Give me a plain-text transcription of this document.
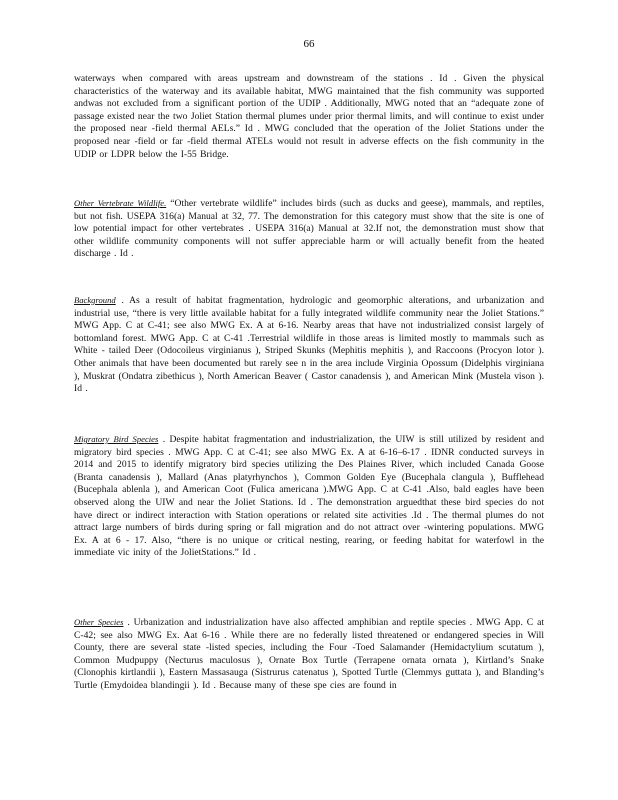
66
waterways when compared with areas upstream and downstream of the stations . Id . Given the physical characteristics of the waterway and its available habitat, MWG maintained that the fish community was supported andwas not excluded from a significant portion of the UDIP . Additionally, MWG noted that an “adequate zone of passage existed near the two Joliet Station thermal plumes under prior thermal limits, and will continue to exist under the proposed near -field thermal AELs.” Id . MWG concluded that the operation of the Joliet Stations under the proposed near -field or far -field thermal ATELs would not result in adverse effects on the fish community in the UDIP or LDPR below the I-55 Bridge.
Other Vertebrate Wildlife. “Other vertebrate wildlife” includes birds (such as ducks and geese), mammals, and reptiles, but not fish. USEPA 316(a) Manual at 32, 77. The demonstration for this category must show that the site is one of low potential impact for other vertebrates . USEPA 316(a) Manual at 32.If not, the demonstration must show that other wildlife community components will not suffer appreciable harm or will actually benefit from the heated discharge . Id .
Background . As a result of habitat fragmentation, hydrologic and geomorphic alterations, and urbanization and industrial use, “there is very little available habitat for a fully integrated wildlife community near the Joliet Stations.” MWG App. C at C-41; see also MWG Ex. A at 6-16. Nearby areas that have not industrialized consist largely of bottomland forest. MWG App. C at C-41 .Terrestrial wildlife in those areas is limited mostly to mammals such as White - tailed Deer (Odocoileus virginianus ), Striped Skunks (Mephitis mephitis ), and Raccoons (Procyon lotor ). Other animals that have been documented but rarely see n in the area include Virginia Opossum (Didelphis virginiana ), Muskrat (Ondatra zibethicus ), North American Beaver ( Castor canadensis ), and American Mink (Mustela vison ). Id .
Migratory Bird Species . Despite habitat fragmentation and industrialization, the UIW is still utilized by resident and migratory bird species . MWG App. C at C-41; see also MWG Ex. A at 6-16–6-17 . IDNR conducted surveys in 2014 and 2015 to identify migratory bird species utilizing the Des Plaines River, which included Canada Goose (Branta canadensis ), Mallard (Anas platyrhynchos ), Common Golden Eye (Bucephala clangula ), Bufflehead (Bucephala ablenla ), and American Coot (Fulica americana ).MWG App. C at C-41 .Also, bald eagles have been observed along the UIW and near the Joliet Stations. Id . The demonstration arguedthat these bird species do not have direct or indirect interaction with Station operations or related site activities .Id . The thermal plumes do not attract large numbers of birds during spring or fall migration and do not attract over -wintering populations. MWG Ex. A at 6 - 17. Also, “there is no unique or critical nesting, rearing, or feeding habitat for waterfowl in the immediate vic inity of the JolietStations.” Id .
Other Species . Urbanization and industrialization have also affected amphibian and reptile species . MWG App. C at C-42; see also MWG Ex. Aat 6-16 . While there are no federally listed threatened or endangered species in Will County, there are several state -listed species, including the Four -Toed Salamander (Hemidactylium scutatum ), Common Mudpuppy (Necturus maculosus ), Ornate Box Turtle (Terrapene ornata ornata ), Kirtland’s Snake (Clonophis kirtlandii ), Eastern Massasauga (Sistrurus catenatus ), Spotted Turtle (Clemmys guttata ), and Blanding’s Turtle (Emydoidea blandingii ). Id . Because many of these spe cies are found in
